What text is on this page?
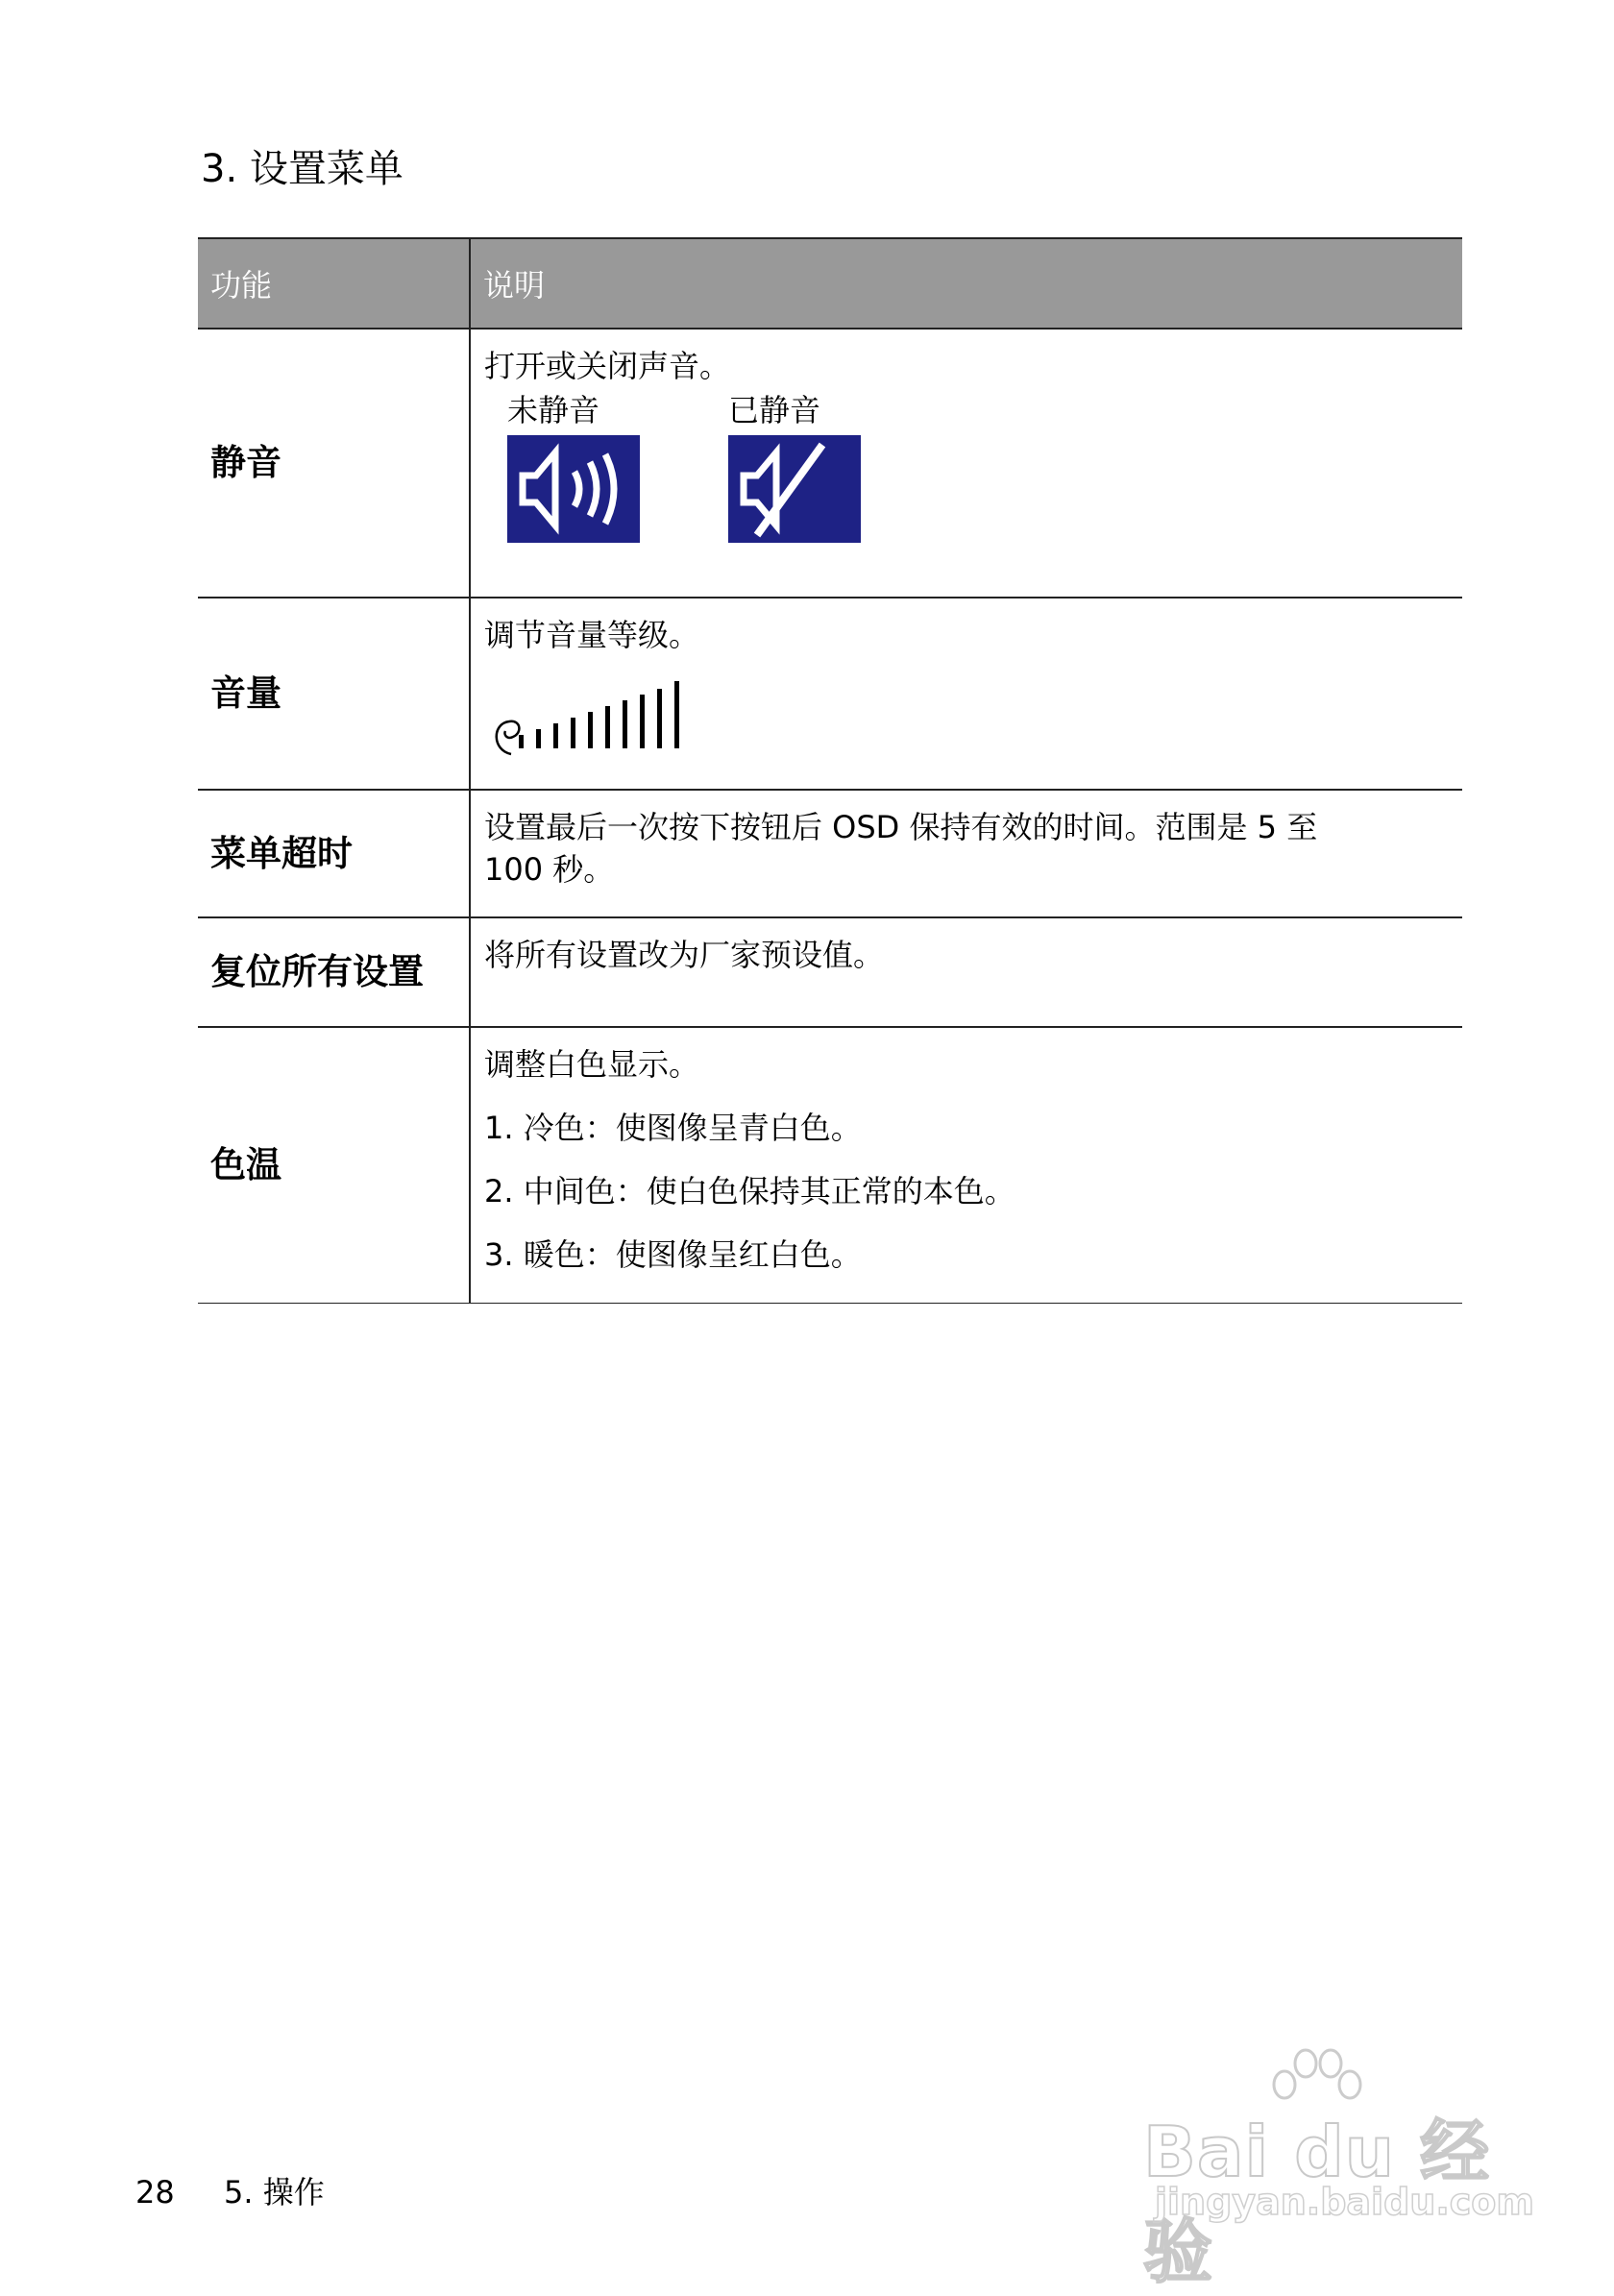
3. 设置菜单
功能	说明
静音	打开或关闭声音。
未静音 已静音

音量	调节音量等级。

菜单超时	设置最后一次按下按钮后 OSD 保持有效的时间。范围是 5 至
100 秒。

复位所有设置	将所有设置改为厂家预设值。

色温	调整白色显示。
1. 冷色：使图像呈青白色。
2. 中间色：使白色保持其正常的本色。
3. 暖色：使图像呈红白色。
28 5. 操作	Bai du 经验
jingyan.baidu.com
